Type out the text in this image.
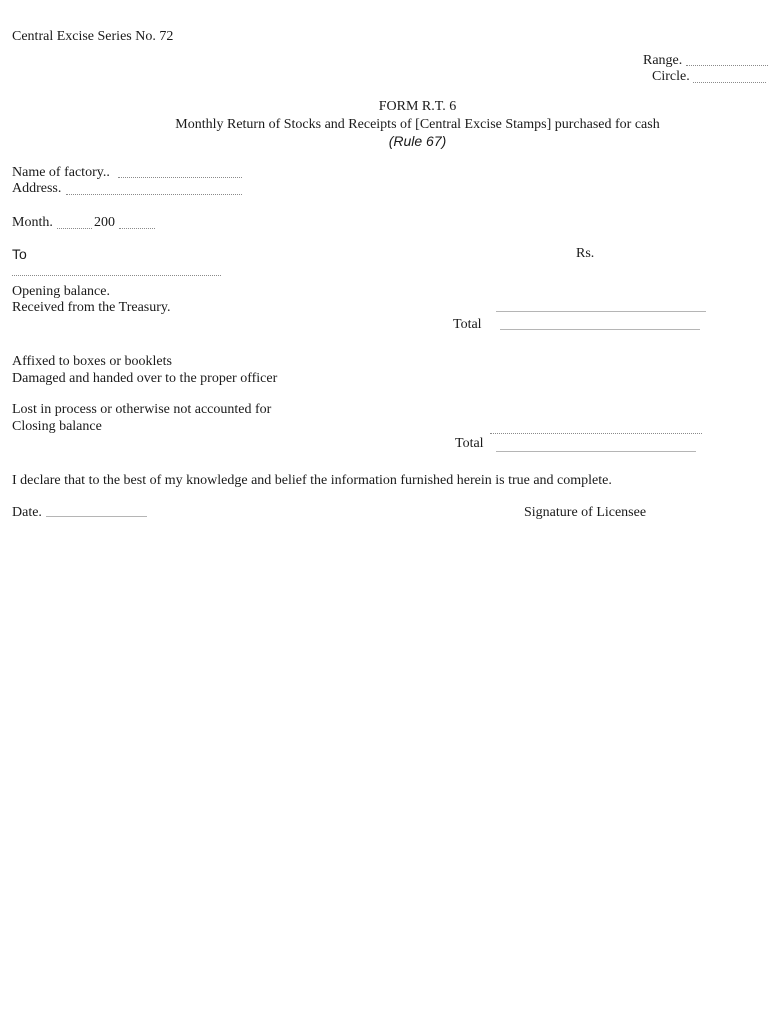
Central Excise Series No. 72
Range.
Circle.
FORM R.T. 6
Monthly Return of Stocks and Receipts of [Central Excise Stamps] purchased for cash
(Rule 67)
Name of factory..
Address.
Month.	200
To	Rs.
Opening balance.
Received from the Treasury.
Total
Affixed to boxes or booklets
Damaged and handed over to the proper officer
Lost in process or otherwise not accounted for
Closing balance
Total
I declare that to the best of my knowledge and belief the information furnished herein is true and complete.
Date.	Signature of Licensee
